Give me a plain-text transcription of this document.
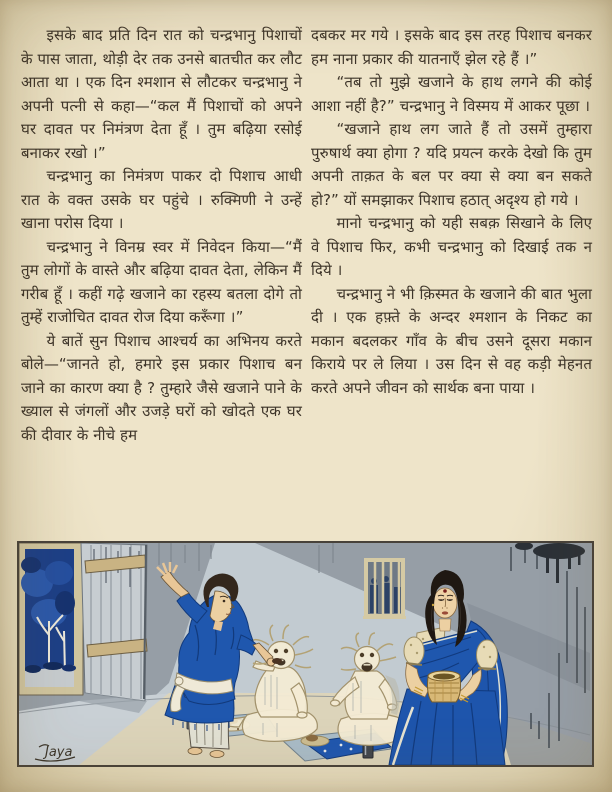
इसके बाद प्रति दिन रात को चन्द्रभानु पिशाचों के पास जाता, थोड़ी देर तक उनसे बातचीत कर लौट आता था । एक दिन श्मशान से लौटकर चन्द्रभानु ने अपनी पत्नी से कहा—“कल मैं पिशाचों को अपने घर दावत पर निमंत्रण देता हूँ । तुम बढ़िया रसोई बनाकर रखो ।”

चन्द्रभानु का निमंत्रण पाकर दो पिशाच आधी रात के वक्त उसके घर पहुंचे । रुक्मिणी ने उन्हें खाना परोस दिया ।

चन्द्रभानु ने विनम्र स्वर में निवेदन किया—“मैं तुम लोगों के वास्ते और बढ़िया दावत देता, लेकिन मैं गरीब हूँ । कहीं गढ़े खजाने का रहस्य बतला दोगे तो तुम्हें राजोचित दावत रोज दिया करूँगा ।”

ये बातें सुन पिशाच आश्चर्य का अभिनय करते बोले—“जानते हो, हमारे इस प्रकार पिशाच बन जाने का कारण क्या है ? तुम्हारे जैसे खजाने पाने के ख्याल से जंगलों और उजड़े घरों को खोदते एक घर की दीवार के नीचे हम

दबकर मर गये । इसके बाद इस तरह पिशाच बनकर हम नाना प्रकार की यातनाएँ झेल रहे हैं ।”

“तब तो मुझे खजाने के हाथ लगने की कोई आशा नहीं है?” चन्द्रभानु ने विस्मय में आकर पूछा ।

“खजाने हाथ लग जाते हैं तो उसमें तुम्हारा पुरुषार्थ क्या होगा ? यदि प्रयत्न करके देखो कि तुम अपनी ताक़त के बल पर क्या से क्या बन सकते हो?” यों समझाकर पिशाच हठात् अदृश्य हो गये ।

मानो चन्द्रभानु को यही सबक़ सिखाने के लिए वे पिशाच फिर, कभी चन्द्रभानु को दिखाई तक न दिये ।

चन्द्रभानु ने भी क़िस्मत के खजाने की बात भुला दी । एक हफ़्ते के अन्दर श्मशान के निकट का मकान बदलकर गाँव के बीच उसने दूसरा मकान किराये पर ले लिया । उस दिन से वह कड़ी मेहनत करते अपने जीवन को सार्थक बना पाया ।

Jaya
